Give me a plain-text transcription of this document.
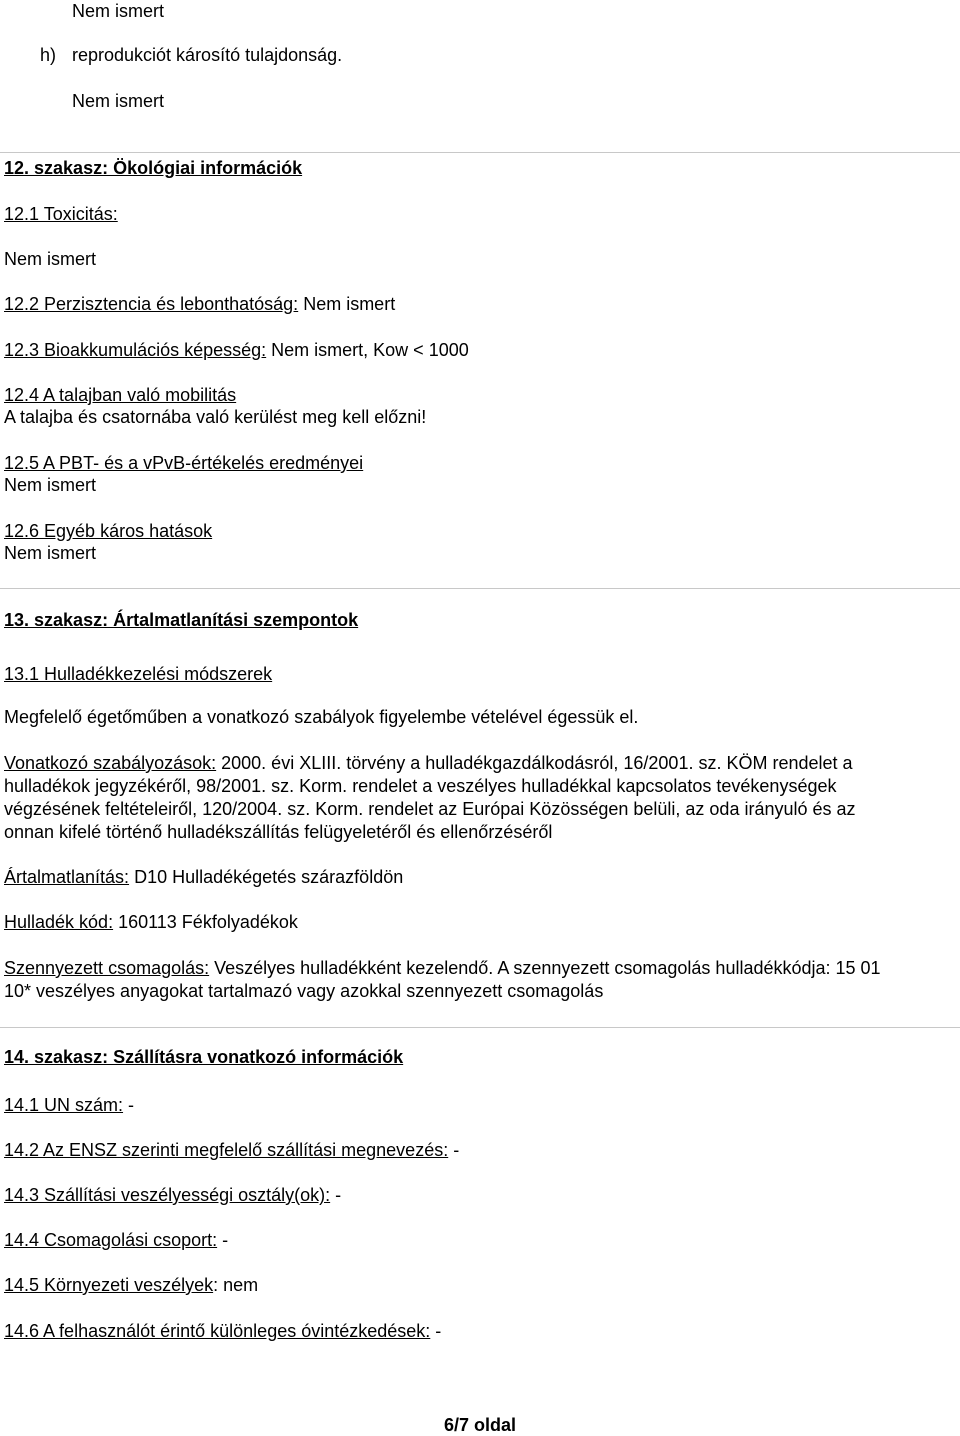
Nem ismert
h) reprodukciót károsító tulajdonság.
Nem ismert
12. szakasz: Ökológiai információk
12.1 Toxicitás:
Nem ismert
12.2 Perzisztencia és lebonthatóság: Nem ismert
12.3 Bioakkumulációs képesség: Nem ismert, Kow < 1000
12.4 A talajban való mobilitás
A talajba és csatornába való kerülést meg kell előzni!
12.5 A PBT- és a vPvB-értékelés eredményei
Nem ismert
12.6 Egyéb káros hatások
Nem ismert
13. szakasz: Ártalmatlanítási szempontok
13.1 Hulladékkezelési módszerek
Megfelelő égetőműben a vonatkozó szabályok figyelembe vételével égessük el.
Vonatkozó szabályozások: 2000. évi XLIII. törvény a hulladékgazdálkodásról, 16/2001. sz. KÖM rendelet a
hulladékok jegyzékéről, 98/2001. sz. Korm. rendelet a veszélyes hulladékkal kapcsolatos tevékenységek
végzésének feltételeiről, 120/2004. sz. Korm. rendelet az Európai Közösségen belüli, az oda irányuló és az
onnan kifelé történő hulladékszállítás felügyeletéről és ellenőrzéséről
Ártalmatlanítás: D10 Hulladékégetés szárazföldön
Hulladék kód: 160113 Fékfolyadékok
Szennyezett csomagolás: Veszélyes hulladékként kezelendő. A szennyezett csomagolás hulladékkódja: 15 01
10* veszélyes anyagokat tartalmazó vagy azokkal szennyezett csomagolás
14. szakasz: Szállításra vonatkozó információk
14.1 UN szám: -
14.2 Az ENSZ szerinti megfelelő szállítási megnevezés: -
14.3 Szállítási veszélyességi osztály(ok): -
14.4 Csomagolási csoport: -
14.5 Környezeti veszélyek: nem
14.6 A felhasználót érintő különleges óvintézkedések: -
6/7 oldal
